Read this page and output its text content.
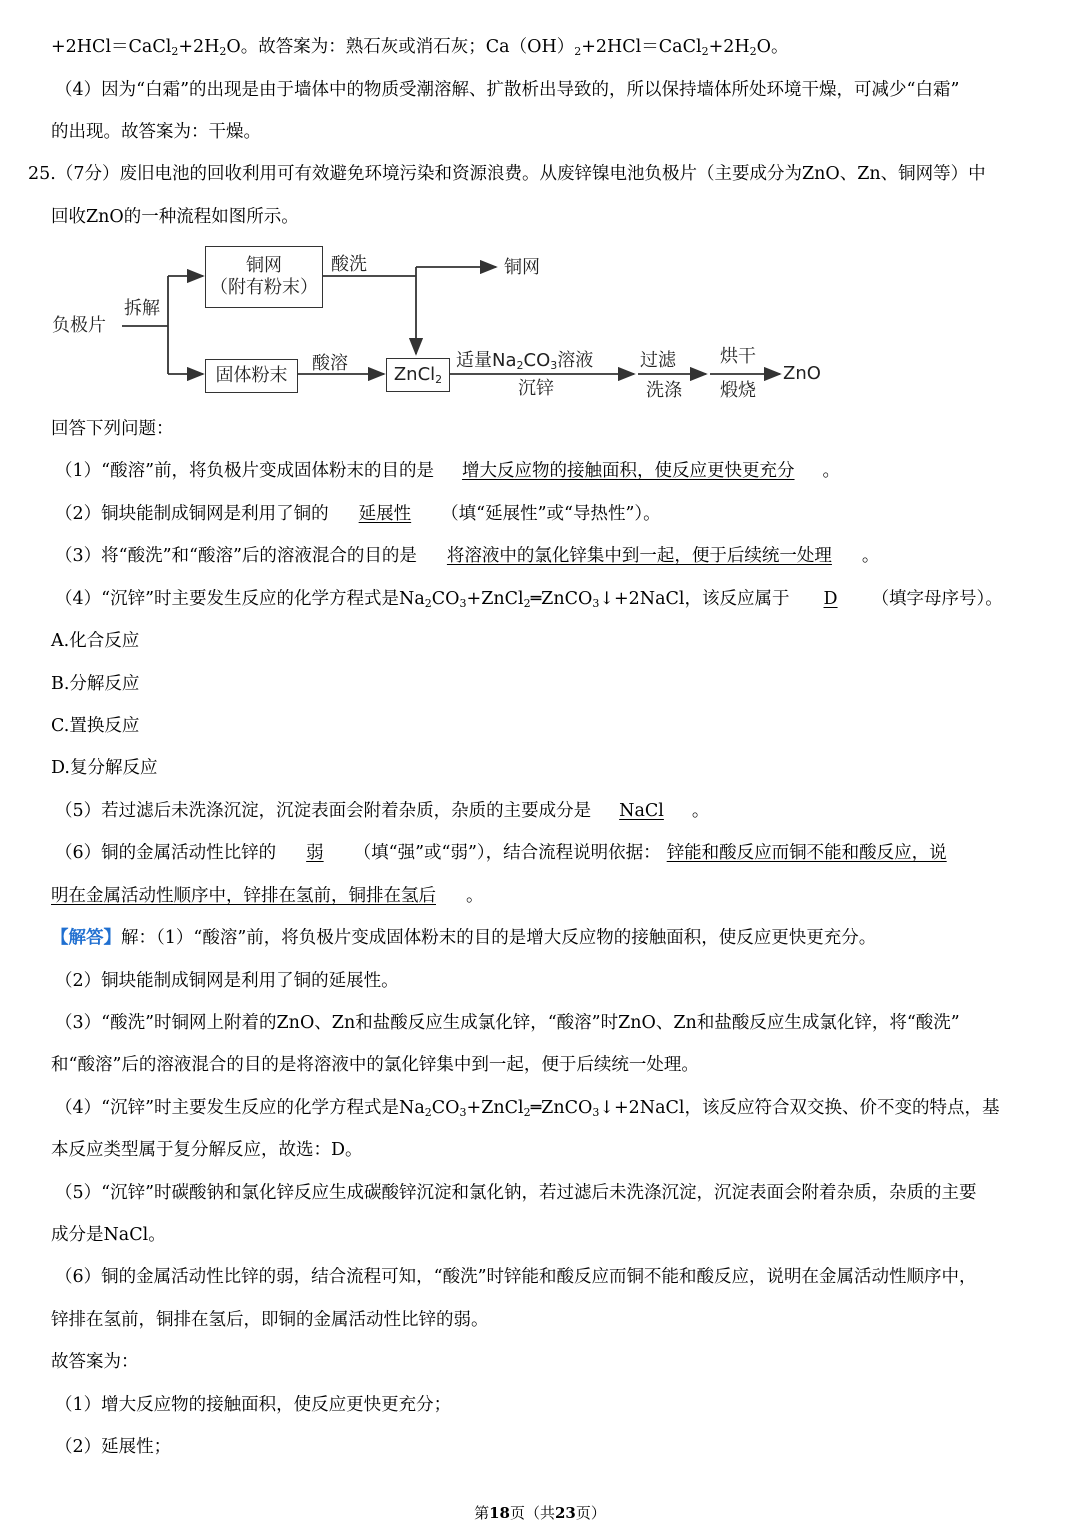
$+2HCl=CaCl_2+2H_2O$。故答案为：熟石灰或消石灰；$Ca(OH)_2+2HCl=CaCl_2+2H_2O$。
（4）因为“白霜”的出现是由于墙体中的物质受潮溶解、扩散析出导致的，所以保持墙体所处环境干燥，可减少“白霜”
的出现。故答案为：干燥。
25.（7分）废旧电池的回收利用可有效避免环境污染和资源浪费。从废锌镍电池负极片（主要成分为ZnO、Zn、铜网等）中
回收ZnO的一种流程如图所示。
负极片
拆解
铜网
（附有粉末）
酸洗	铜网
固体粉末
酸溶
ZnCl$_2$
适量$Na_2CO_3$溶液
沉锌
过滤
洗涤
烘干
煅烧
ZnO
回答下列问题：
（1）“酸溶”前，将负极片变成固体粉末的目的是 增大反应物的接触面积，使反应更快更充分 。
（2）铜块能制成铜网是利用了铜的 延展性 （填“延展性”或“导热性”）。
（3）将“酸洗”和“酸溶”后的溶液混合的目的是 将溶液中的氯化锌集中到一起，便于后续统一处理 。
（4）“沉锌”时主要发生反应的化学方程式是$Na_2CO_3+ZnCl_2═ZnCO_3↓+2NaCl$，该反应属于 D （填字母序号）。
A.化合反应
B.分解反应
C.置换反应
D.复分解反应
（5）若过滤后未洗涤沉淀，沉淀表面会附着杂质，杂质的主要成分是 NaCl 。
（6）铜的金属活动性比锌的 弱 （填“强”或“弱”），结合流程说明依据： 锌能和酸反应而铜不能和酸反应，说
明在金属活动性顺序中，锌排在氢前，铜排在氢后 。
【解答】解：（1）“酸溶”前，将负极片变成固体粉末的目的是增大反应物的接触面积，使反应更快更充分。
（2）铜块能制成铜网是利用了铜的延展性。
（3）“酸洗”时铜网上附着的ZnO、Zn和盐酸反应生成氯化锌，“酸溶”时ZnO、Zn和盐酸反应生成氯化锌，将“酸洗”
和“酸溶”后的溶液混合的目的是将溶液中的氯化锌集中到一起，便于后续统一处理。
（4）“沉锌”时主要发生反应的化学方程式是$Na_2CO_3+ZnCl_2═ZnCO_3↓+2NaCl$，该反应符合双交换、价不变的特点，基
本反应类型属于复分解反应，故选：D。
（5）“沉锌”时碳酸钠和氯化锌反应生成碳酸锌沉淀和氯化钠，若过滤后未洗涤沉淀，沉淀表面会附着杂质，杂质的主要
成分是NaCl。
（6）铜的金属活动性比锌的弱，结合流程可知，“酸洗”时锌能和酸反应而铜不能和酸反应，说明在金属活动性顺序中，
锌排在氢前，铜排在氢后，即铜的金属活动性比锌的弱。
故答案为：
（1）增大反应物的接触面积，使反应更快更充分；
（2）延展性；
第18页（共23页）
